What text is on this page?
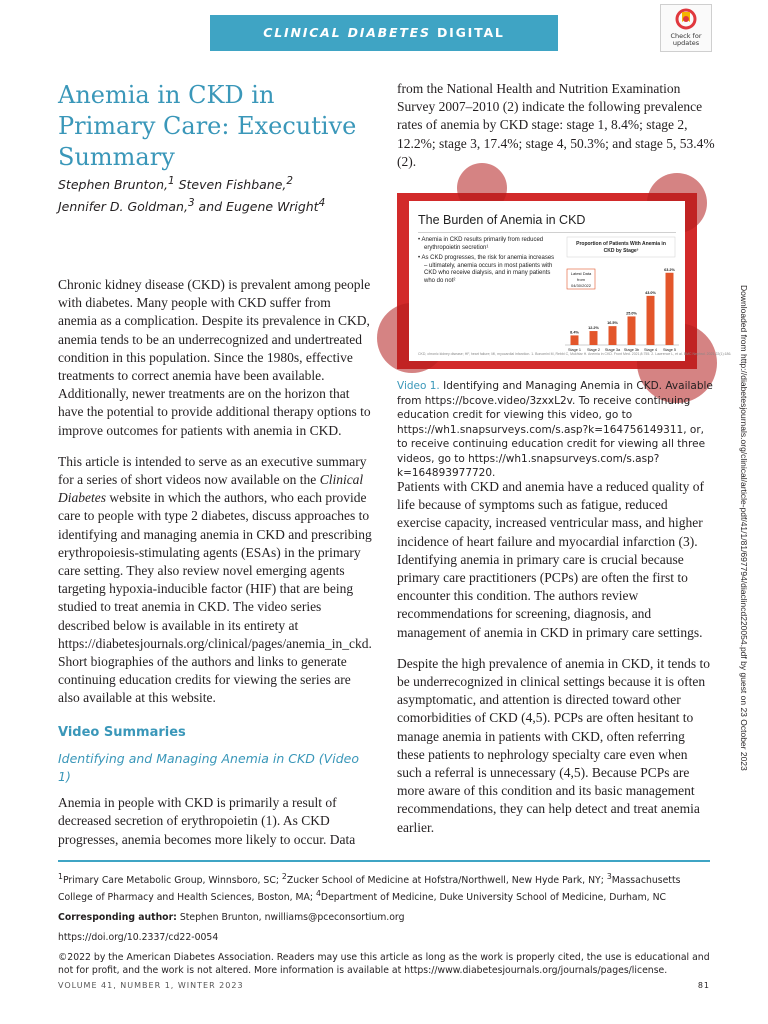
CLINICAL DIABETES DIGITAL PUBLICATION
Check for
updates
Anemia in CKD in Primary Care: Executive Summary

Stephen Brunton,$^1$ Steven Fishbane,$^2$
Jennifer D. Goldman,$^3$ and Eugene Wright$^4$

Chronic kidney disease (CKD) is prevalent among people with diabetes. Many people with CKD suffer from anemia as a complication. Despite its prevalence in CKD, anemia tends to be an underrecognized and undertreated condition in this population. Since the 1980s, effective treatments to correct anemia have been available. Additionally, newer treatments are on the horizon that have the potential to provide additional therapy options to improve outcomes for patients with anemia in CKD.

This article is intended to serve as an executive summary for a series of short videos now available on the Clinical Diabetes website in which the authors, who each provide care to people with type 2 diabetes, discuss approaches to identifying and managing anemia in CKD and prescribing erythropoiesis-stimulating agents (ESAs) in the primary care setting. They also review novel emerging agents targeting hypoxia-inducible factor (HIF) that are being studied to treat anemia in CKD. The video series described below is available in its entirety at https://diabetesjournals.org/clinical/pages/anemia_in_ckd. Short biographies of the authors and links to generate continuing education credits for viewing the series are also available at this website.

Video Summaries
Identifying and Managing Anemia in CKD (Video 1)

Anemia in people with CKD is primarily a result of decreased secretion of erythropoietin (1). As CKD progresses, anemia becomes more likely to occur. Data

from the National Health and Nutrition Examination Survey 2007–2010 (2) indicate the following prevalence rates of anemia by CKD stage: stage 1, 8.4%; stage 2, 12.2%; stage 3, 17.4%; stage 4, 50.3%; and stage 5, 53.4% (2).

The Burden of Anemia in CKD
• Anemia in CKD results primarily from reduced erythropoietin secretion¹
• As CKD progresses, the risk for anemia increases – ultimately, anemia occurs in most patients with CKD who receive dialysis, and in many patients who do not²
Proportion of Patients With Anemia in
CKD by Stage³
Latest Data
from
04/30/2022
8.4%
Stage 1
12.2%
Stage 2
16.5%
Stage 3a
25.0%
Stage 3b
43.0%
Stage 4
63.2%
Stage 5
CKD, chronic kidney disease; HF, heart failure; MI, myocardial infarction. 1. Bonomini M, Rebbi C, Mukhtar H. Anemia in CKD. Front Med. 2021;8:755. 2. Lawrence L, et al. BMC Nephrol. 2021;22(1):186.
Video 1. Identifying and Managing Anemia in CKD. Available from https://bcove.video/3zxxL2v. To receive continuing education credit for viewing this video, go to https://wh1.snapsurveys.com/s.asp?k=164756149311, or, to receive continuing education credit for viewing all three videos, go to https://wh1.snapsurveys.com/s.asp?k=164893977720.

Patients with CKD and anemia have a reduced quality of life because of symptoms such as fatigue, reduced exercise capacity, increased ventricular mass, and higher incidence of heart failure and myocardial infarction (3). Identifying anemia in primary care is crucial because primary care practitioners (PCPs) are often the first to encounter this condition. The authors review recommendations for screening, diagnosis, and management of anemia in CKD in primary care settings.

Despite the high prevalence of anemia in CKD, it tends to be underrecognized in clinical settings because it is often asymptomatic, and attention is directed toward other comorbidities of CKD (4,5). PCPs are often hesitant to manage anemia in patients with CKD, often referring these patients to nephrology specialty care even when such a referral is unnecessary (4,5). Because PCPs are more aware of this condition and its basic management recommendations, they can help detect and treat anemia earlier.

Downloaded from http://diabetesjournals.org/clinical/article-pdf/41/1/81/697794/diaclincd220054.pdf by guest on 23 October 2023

$^1$Primary Care Metabolic Group, Winnsboro, SC; $^2$Zucker School of Medicine at Hofstra/Northwell, New Hyde Park, NY; $^3$Massachusetts College of Pharmacy and Health Sciences, Boston, MA; $^4$Department of Medicine, Duke University School of Medicine, Durham, NC

Corresponding author: Stephen Brunton, nwilliams@pceconsortium.org

https://doi.org/10.2337/cd22-0054

©2022 by the American Diabetes Association. Readers may use this article as long as the work is properly cited, the use is educational and not for profit, and the work is not altered. More information is available at https://www.diabetesjournals.org/journals/pages/license.

VOLUME 41, NUMBER 1, WINTER 2023	81
